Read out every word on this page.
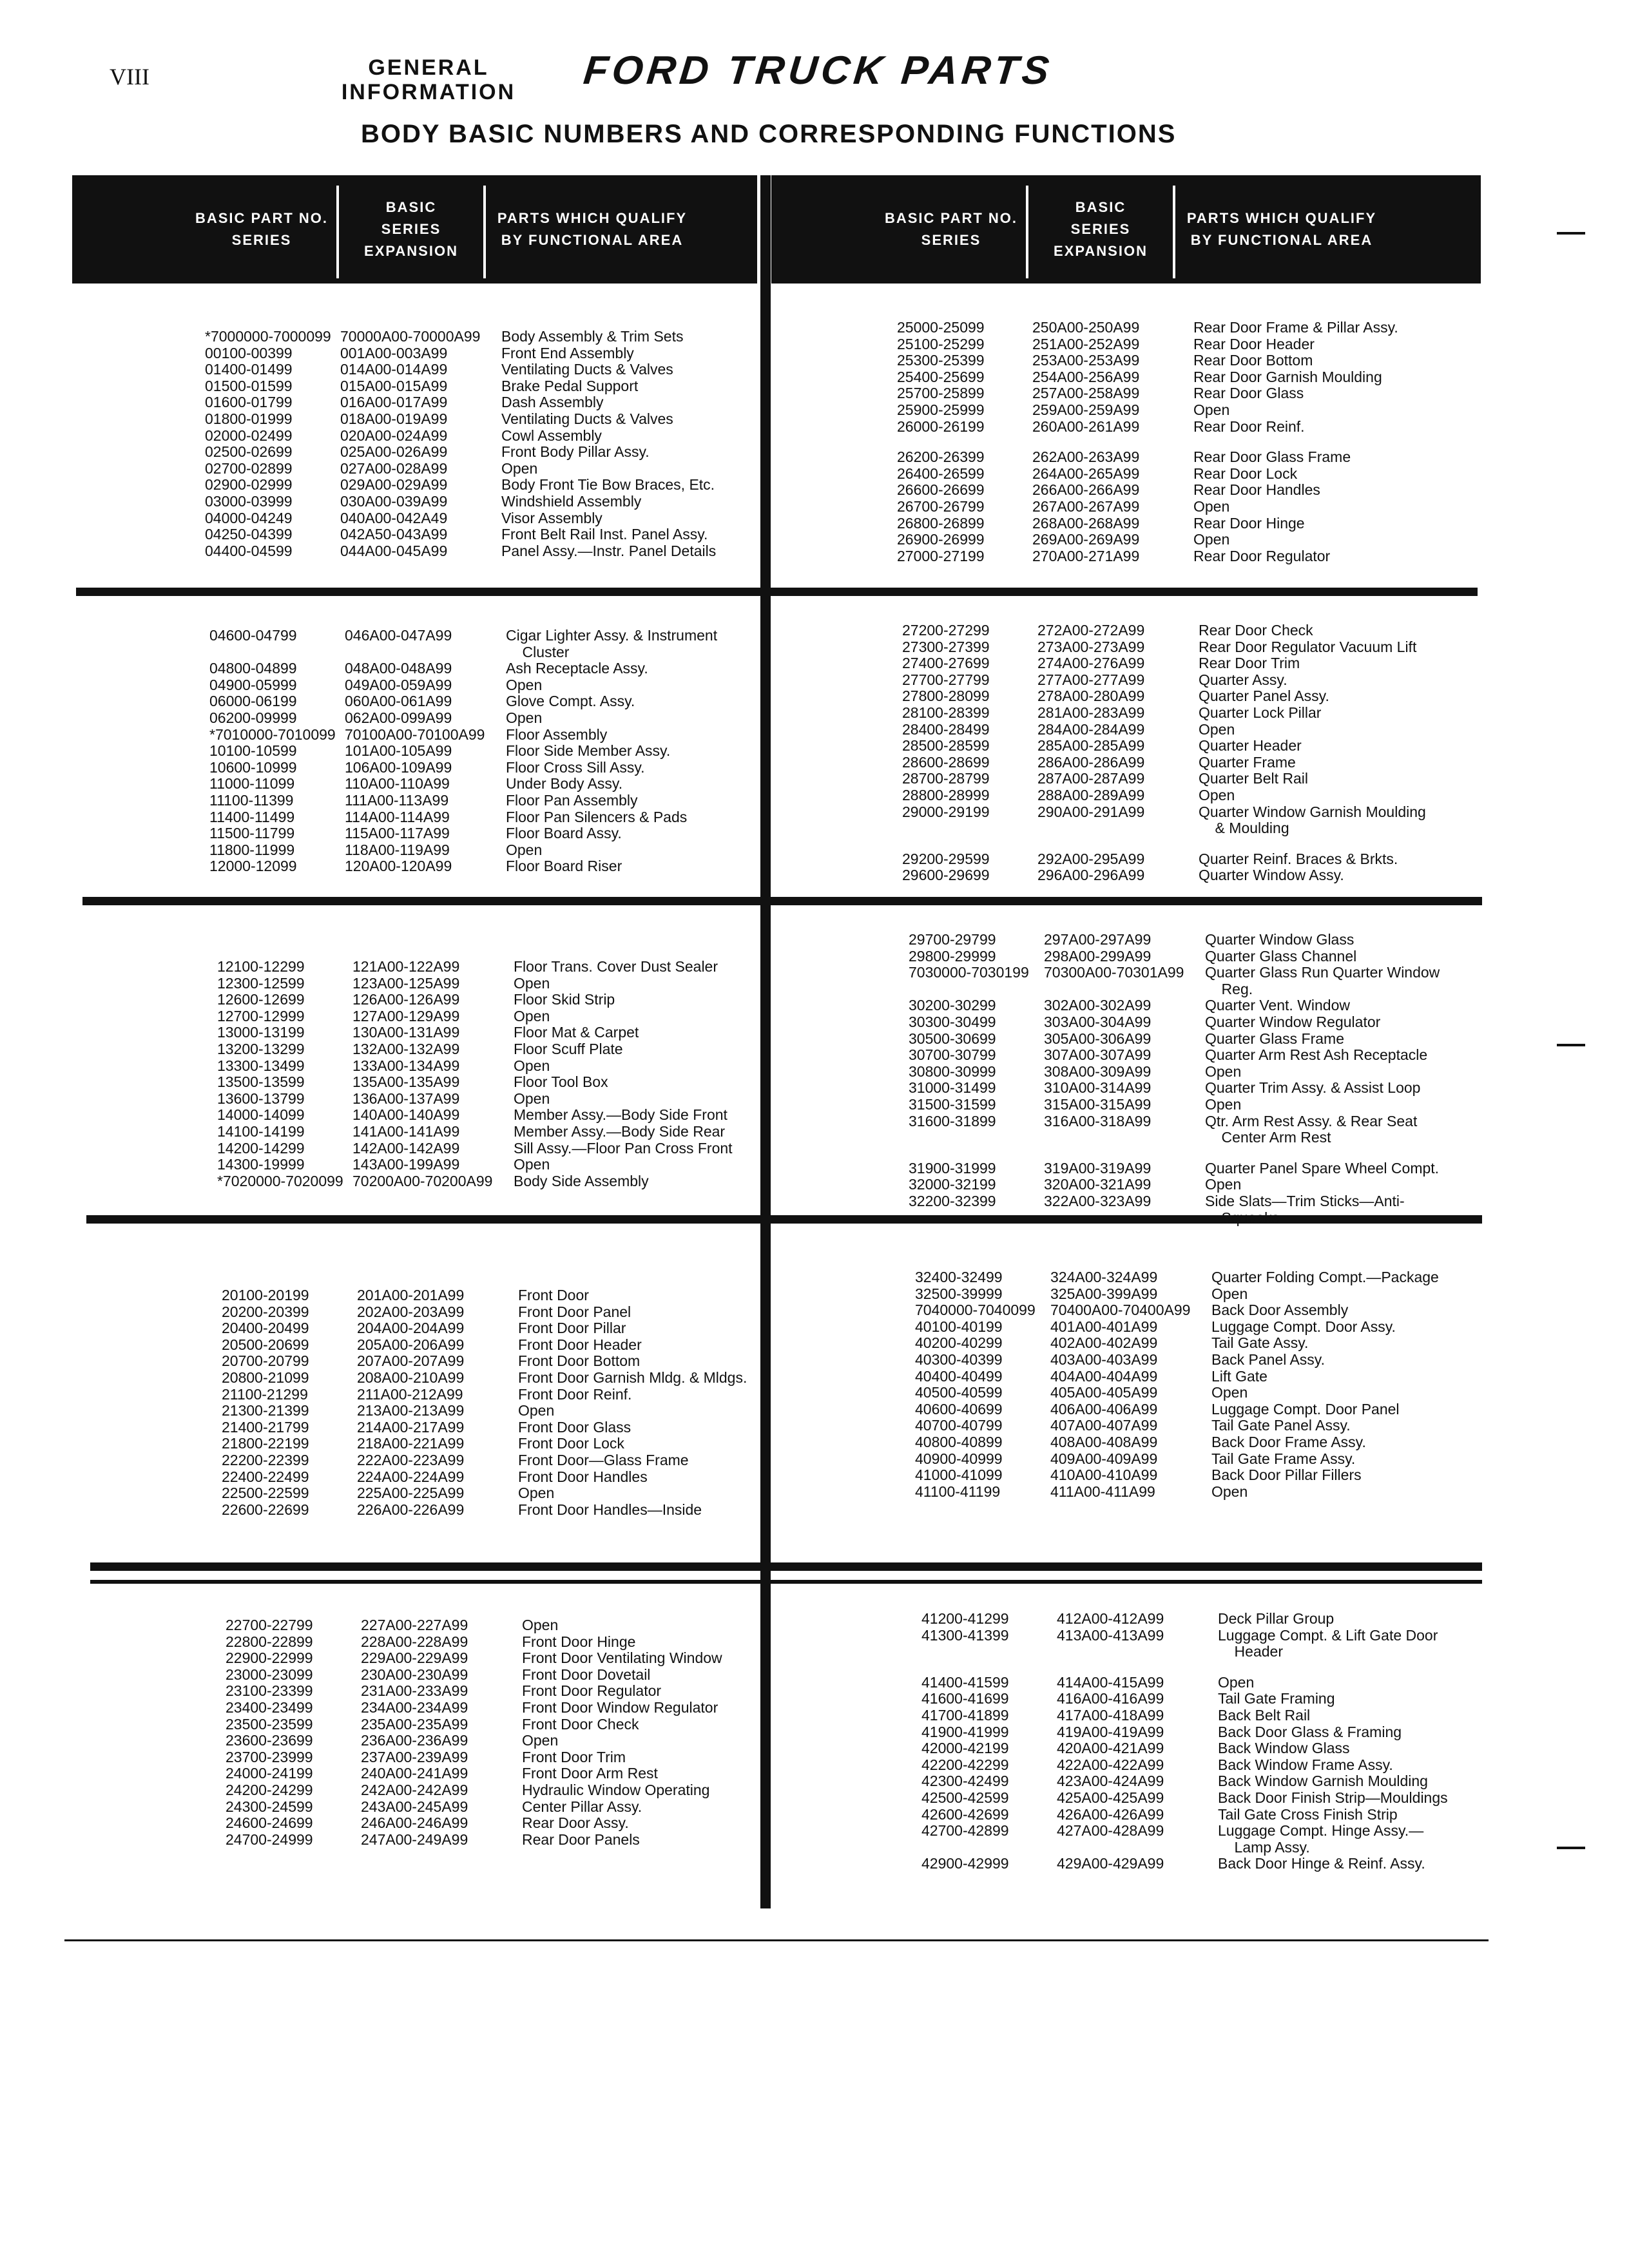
VIII	GENERAL
INFORMATION	FORD TRUCK PARTS
BODY BASIC NUMBERS AND CORRESPONDING FUNCTIONS
BASIC PART NO.
SERIES
BASIC
SERIES EXPANSION
PARTS WHICH QUALIFY
BY FUNCTIONAL AREA
BASIC PART NO.
SERIES
BASIC
SERIES EXPANSION
PARTS WHICH QUALIFY
BY FUNCTIONAL AREA
*7000000-7000099 70000A00-70000A99	Body Assembly & Trim Sets
00100-00399	001A00-003A99	Front End Assembly
01400-01499	014A00-014A99	Ventilating Ducts & Valves
01500-01599	015A00-015A99	Brake Pedal Support
01600-01799	016A00-017A99	Dash Assembly
01800-01999	018A00-019A99	Ventilating Ducts & Valves
02000-02499	020A00-024A99	Cowl Assembly
02500-02699	025A00-026A99	Front Body Pillar Assy.
02700-02899	027A00-028A99	Open
02900-02999	029A00-029A99	Body Front Tie Bow Braces, Etc.
03000-03999	030A00-039A99	Windshield Assembly
04000-04249	040A00-042A49	Visor Assembly
04250-04399	042A50-043A99	Front Belt Rail Inst. Panel Assy.
04400-04599	044A00-045A99	Panel Assy.—Instr. Panel Details
04600-04799	046A00-047A99	Cigar Lighter Assy. & Instrument
Cluster
04800-04899	048A00-048A99	Ash Receptacle Assy.
04900-05999	049A00-059A99	Open
06000-06199	060A00-061A99	Glove Compt. Assy.
06200-09999	062A00-099A99	Open
*7010000-7010099 70100A00-70100A99	Floor Assembly
10100-10599	101A00-105A99	Floor Side Member Assy.
10600-10999	106A00-109A99	Floor Cross Sill Assy.
11000-11099	110A00-110A99	Under Body Assy.
11100-11399	111A00-113A99	Floor Pan Assembly
11400-11499	114A00-114A99	Floor Pan Silencers & Pads
11500-11799	115A00-117A99	Floor Board Assy.
11800-11999	118A00-119A99	Open
12000-12099	120A00-120A99	Floor Board Riser
12100-12299	121A00-122A99	Floor Trans. Cover Dust Sealer
12300-12599	123A00-125A99	Open
12600-12699	126A00-126A99	Floor Skid Strip
12700-12999	127A00-129A99	Open
13000-13199	130A00-131A99	Floor Mat & Carpet
13200-13299	132A00-132A99	Floor Scuff Plate
13300-13499	133A00-134A99	Open
13500-13599	135A00-135A99	Floor Tool Box
13600-13799	136A00-137A99	Open
14000-14099	140A00-140A99	Member Assy.—Body Side Front
14100-14199	141A00-141A99	Member Assy.—Body Side Rear
14200-14299	142A00-142A99	Sill Assy.—Floor Pan Cross Front
14300-19999	143A00-199A99	Open
*7020000-7020099 70200A00-70200A99	Body Side Assembly
20100-20199	201A00-201A99	Front Door
20200-20399	202A00-203A99	Front Door Panel
20400-20499	204A00-204A99	Front Door Pillar
20500-20699	205A00-206A99	Front Door Header
20700-20799	207A00-207A99	Front Door Bottom
20800-21099	208A00-210A99	Front Door Garnish Mldg. & Mldgs.
21100-21299	211A00-212A99	Front Door Reinf.
21300-21399	213A00-213A99	Open
21400-21799	214A00-217A99	Front Door Glass
21800-22199	218A00-221A99	Front Door Lock
22200-22399	222A00-223A99	Front Door—Glass Frame
22400-22499	224A00-224A99	Front Door Handles
22500-22599	225A00-225A99	Open
22600-22699	226A00-226A99	Front Door Handles—Inside
22700-22799	227A00-227A99	Open
22800-22899	228A00-228A99	Front Door Hinge
22900-22999	229A00-229A99	Front Door Ventilating Window
23000-23099	230A00-230A99	Front Door Dovetail
23100-23399	231A00-233A99	Front Door Regulator
23400-23499	234A00-234A99	Front Door Window Regulator
23500-23599	235A00-235A99	Front Door Check
23600-23699	236A00-236A99	Open
23700-23999	237A00-239A99	Front Door Trim
24000-24199	240A00-241A99	Front Door Arm Rest
24200-24299	242A00-242A99	Hydraulic Window Operating
24300-24599	243A00-245A99	Center Pillar Assy.
24600-24699	246A00-246A99	Rear Door Assy.
24700-24999	247A00-249A99	Rear Door Panels
25000-25099	250A00-250A99	Rear Door Frame & Pillar Assy.
25100-25299	251A00-252A99	Rear Door Header
25300-25399	253A00-253A99	Rear Door Bottom
25400-25699	254A00-256A99	Rear Door Garnish Moulding
25700-25899	257A00-258A99	Rear Door Glass
25900-25999	259A00-259A99	Open
26000-26199	260A00-261A99	Rear Door Reinf.
26200-26399	262A00-263A99	Rear Door Glass Frame
26400-26599	264A00-265A99	Rear Door Lock
26600-26699	266A00-266A99	Rear Door Handles
26700-26799	267A00-267A99	Open
26800-26899	268A00-268A99	Rear Door Hinge
26900-26999	269A00-269A99	Open
27000-27199	270A00-271A99	Rear Door Regulator
27200-27299	272A00-272A99	Rear Door Check
27300-27399	273A00-273A99	Rear Door Regulator Vacuum Lift
27400-27699	274A00-276A99	Rear Door Trim
27700-27799	277A00-277A99	Quarter Assy.
27800-28099	278A00-280A99	Quarter Panel Assy.
28100-28399	281A00-283A99	Quarter Lock Pillar
28400-28499	284A00-284A99	Open
28500-28599	285A00-285A99	Quarter Header
28600-28699	286A00-286A99	Quarter Frame
28700-28799	287A00-287A99	Quarter Belt Rail
28800-28999	288A00-289A99	Open
29000-29199	290A00-291A99	Quarter Window Garnish Moulding
& Moulding
29200-29599	292A00-295A99	Quarter Reinf. Braces & Brkts.
29600-29699	296A00-296A99	Quarter Window Assy.
29700-29799	297A00-297A99	Quarter Window Glass
29800-29999	298A00-299A99	Quarter Glass Channel
7030000-7030199	70300A00-70301A99	Quarter Glass Run Quarter Window
Reg.
30200-30299	302A00-302A99	Quarter Vent. Window
30300-30499	303A00-304A99	Quarter Window Regulator
30500-30699	305A00-306A99	Quarter Glass Frame
30700-30799	307A00-307A99	Quarter Arm Rest Ash Receptacle
30800-30999	308A00-309A99	Open
31000-31499	310A00-314A99	Quarter Trim Assy. & Assist Loop
31500-31599	315A00-315A99	Open
31600-31899	316A00-318A99	Qtr. Arm Rest Assy. & Rear Seat
Center Arm Rest
31900-31999	319A00-319A99	Quarter Panel Spare Wheel Compt.
32000-32199	320A00-321A99	Open
32200-32399	322A00-323A99	Side Slats—Trim Sticks—Anti-
Squeaks
32400-32499	324A00-324A99	Quarter Folding Compt.—Package
32500-39999	325A00-399A99	Open
7040000-7040099	70400A00-70400A99	Back Door Assembly
40100-40199	401A00-401A99	Luggage Compt. Door Assy.
40200-40299	402A00-402A99	Tail Gate Assy.
40300-40399	403A00-403A99	Back Panel Assy.
40400-40499	404A00-404A99	Lift Gate
40500-40599	405A00-405A99	Open
40600-40699	406A00-406A99	Luggage Compt. Door Panel
40700-40799	407A00-407A99	Tail Gate Panel Assy.
40800-40899	408A00-408A99	Back Door Frame Assy.
40900-40999	409A00-409A99	Tail Gate Frame Assy.
41000-41099	410A00-410A99	Back Door Pillar Fillers
41100-41199	411A00-411A99	Open
41200-41299	412A00-412A99	Deck Pillar Group
41300-41399	413A00-413A99	Luggage Compt. & Lift Gate Door
Header
41400-41599	414A00-415A99	Open
41600-41699	416A00-416A99	Tail Gate Framing
41700-41899	417A00-418A99	Back Belt Rail
41900-41999	419A00-419A99	Back Door Glass & Framing
42000-42199	420A00-421A99	Back Window Glass
42200-42299	422A00-422A99	Back Window Frame Assy.
42300-42499	423A00-424A99	Back Window Garnish Moulding
42500-42599	425A00-425A99	Back Door Finish Strip—Mouldings
42600-42699	426A00-426A99	Tail Gate Cross Finish Strip
42700-42899	427A00-428A99	Luggage Compt. Hinge Assy.—
Lamp Assy.
42900-42999	429A00-429A99	Back Door Hinge & Reinf. Assy.
